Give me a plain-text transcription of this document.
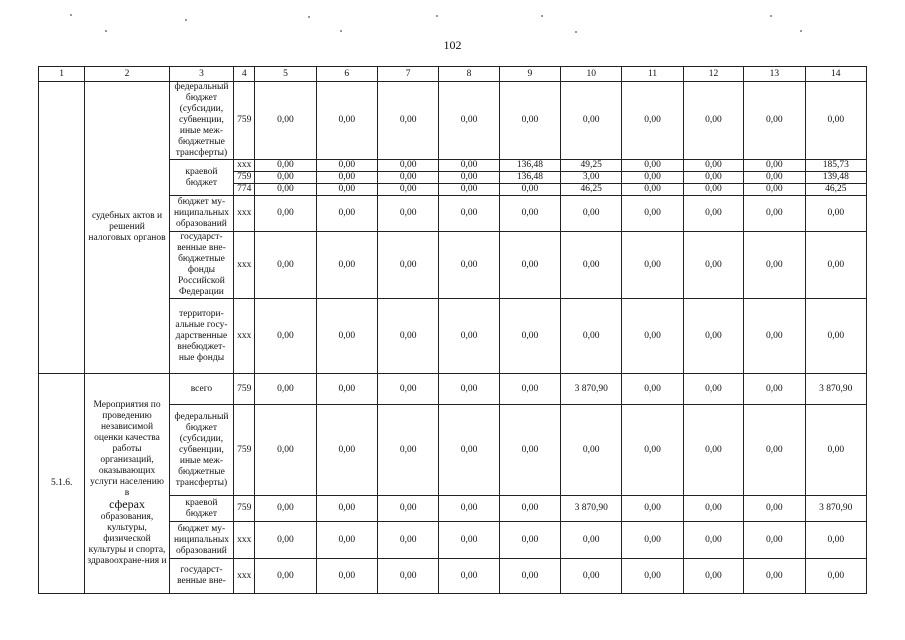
102
1	2	3	4	5	6	7	8	9	10	11	12	13	14
	судебных актов и решений налоговых органов	федеральный бюджет (субсидии, субвенции, иные меж-бюджетные трансферты)	759	0,00	0,00	0,00	0,00	0,00	0,00	0,00	0,00	0,00	0,00
		краевой бюджет	ххх	0,00	0,00	0,00	0,00	136,48	49,25	0,00	0,00	0,00	185,73
			759	0,00	0,00	0,00	0,00	136,48	3,00	0,00	0,00	0,00	139,48
			774	0,00	0,00	0,00	0,00	0,00	46,25	0,00	0,00	0,00	46,25
		бюджет му-ниципальных образований	ххх	0,00	0,00	0,00	0,00	0,00	0,00	0,00	0,00	0,00	0,00
		государст-венные вне-бюджетные фонды Российской Федерации	ххх	0,00	0,00	0,00	0,00	0,00	0,00	0,00	0,00	0,00	0,00
		территори-альные госу-дарственные внебюджет-ные фонды	ххх	0,00	0,00	0,00	0,00	0,00	0,00	0,00	0,00	0,00	0,00
5.1.6.	Мероприятия по проведению независимой оценки качества работы организаций, оказывающих услуги населению в
сферах
образования, культуры, физической культуры и спорта, здравоохране-ния и	всего	759	0,00	0,00	0,00	0,00	0,00	3 870,90	0,00	0,00	0,00	3 870,90
		федеральный бюджет (субсидии, субвенции, иные меж-бюджетные трансферты)	759	0,00	0,00	0,00	0,00	0,00	0,00	0,00	0,00	0,00	0,00
		краевой бюджет	759	0,00	0,00	0,00	0,00	0,00	3 870,90	0,00	0,00	0,00	3 870,90
		бюджет му-ниципальных образований	ххх	0,00	0,00	0,00	0,00	0,00	0,00	0,00	0,00	0,00	0,00
		государст-венные вне-	ххх	0,00	0,00	0,00	0,00	0,00	0,00	0,00	0,00	0,00	0,00
